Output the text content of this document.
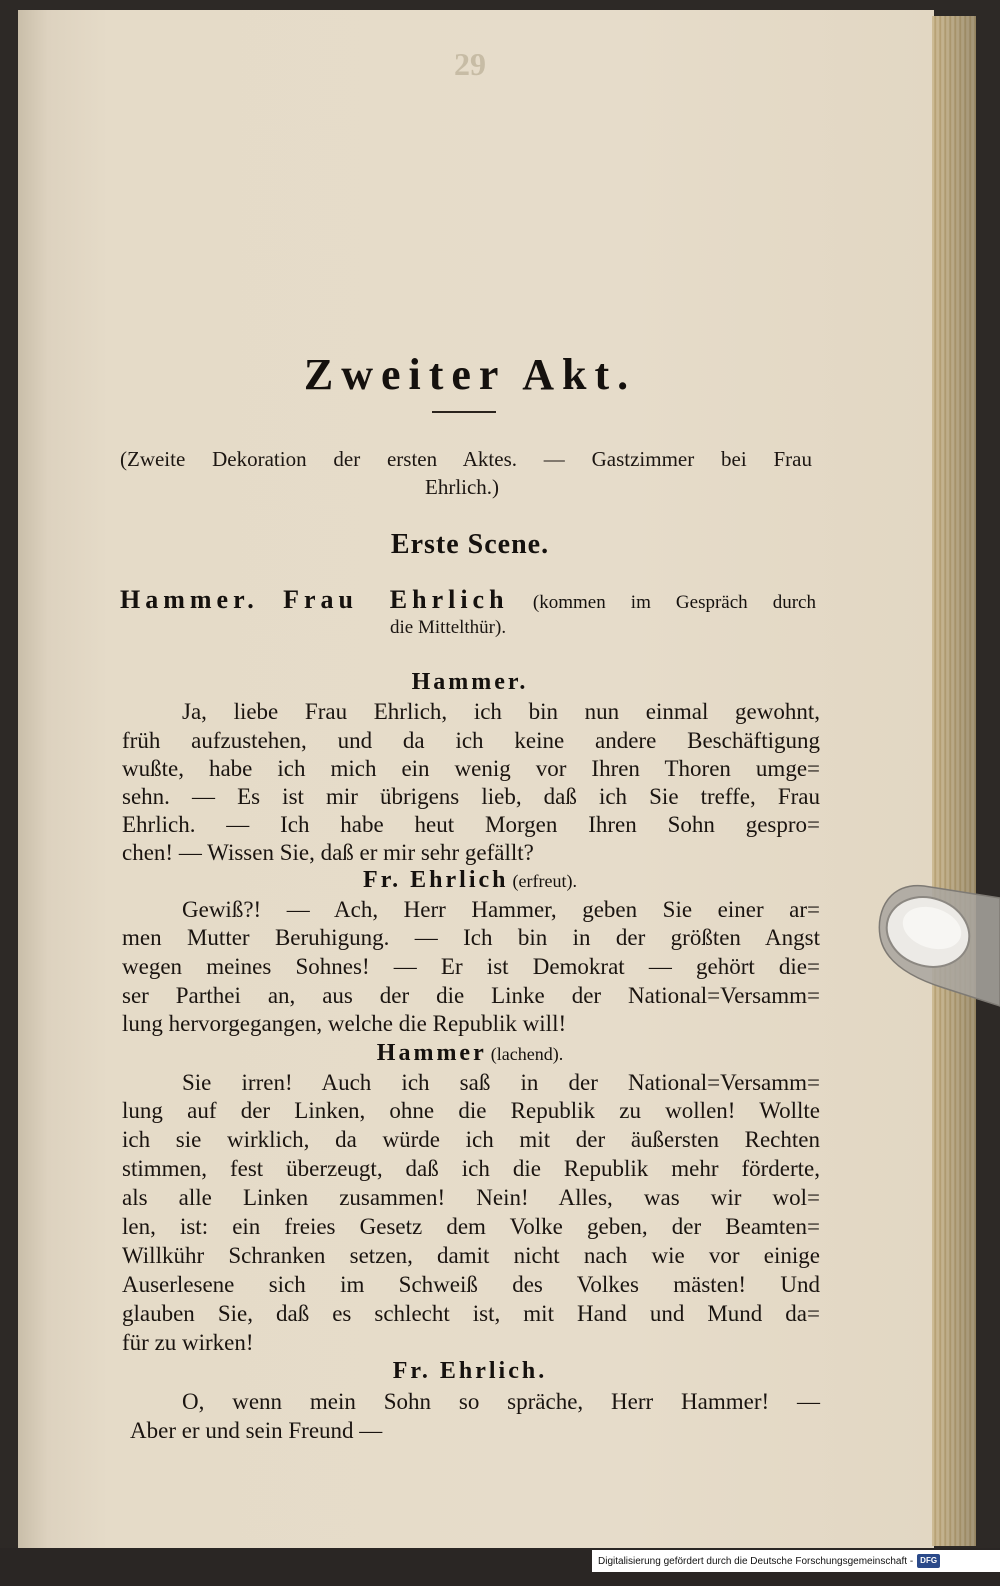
29
Zweiter Akt.
(Zweite Dekoration der ersten Aktes. — Gastzimmer bei Frau
Ehrlich.)
Erste Scene.
Hammer. Frau Ehrlich (kommen im Gespräch durch
die Mittelthür).
Hammer.
Ja, liebe Frau Ehrlich, ich bin nun einmal gewohnt,
früh aufzustehen, und da ich keine andere Beschäftigung
wußte, habe ich mich ein wenig vor Ihren Thoren umge=
sehn. — Es ist mir übrigens lieb, daß ich Sie treffe, Frau
Ehrlich. — Ich habe heut Morgen Ihren Sohn gespro=
chen! — Wissen Sie, daß er mir sehr gefällt?
Fr. Ehrlich (erfreut).
Gewiß?! — Ach, Herr Hammer, geben Sie einer ar=
men Mutter Beruhigung. — Ich bin in der größten Angst
wegen meines Sohnes! — Er ist Demokrat — gehört die=
ser Parthei an, aus der die Linke der National=Versamm=
lung hervorgegangen, welche die Republik will!
Hammer (lachend).
Sie irren! Auch ich saß in der National=Versamm=
lung auf der Linken, ohne die Republik zu wollen! Wollte
ich sie wirklich, da würde ich mit der äußersten Rechten
stimmen, fest überzeugt, daß ich die Republik mehr förderte,
als alle Linken zusammen! Nein! Alles, was wir wol=
len, ist: ein freies Gesetz dem Volke geben, der Beamten=
Willkühr Schranken setzen, damit nicht nach wie vor einige
Auserlesene sich im Schweiß des Volkes mästen! Und
glauben Sie, daß es schlecht ist, mit Hand und Mund da=
für zu wirken!
Fr. Ehrlich.
O, wenn mein Sohn so spräche, Herr Hammer! —
Aber er und sein Freund —
Digitalisierung gefördert durch die Deutsche Forschungsgemeinschaft - DFG
